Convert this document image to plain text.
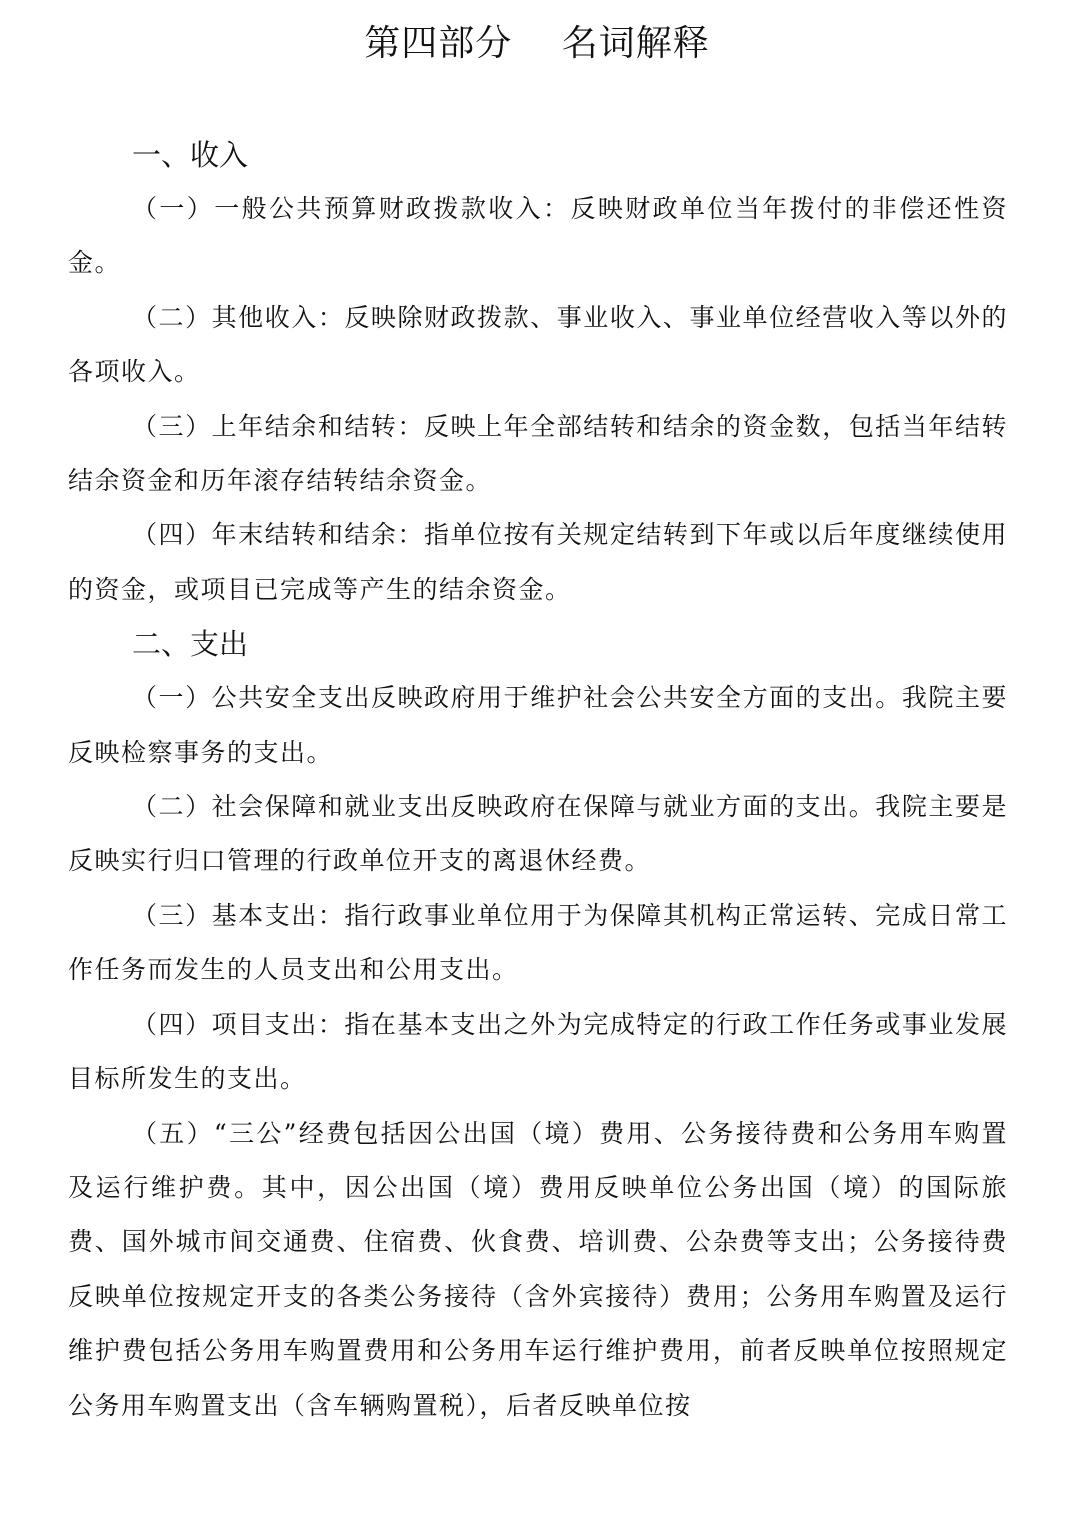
第四部分　 名词解释
一、收入

（一）一般公共预算财政拨款收入：反映财政单位当年拨付的非偿还性资金。

（二）其他收入：反映除财政拨款、事业收入、事业单位经营收入等以外的各项收入。

（三）上年结余和结转：反映上年全部结转和结余的资金数，包括当年结转结余资金和历年滚存结转结余资金。

（四）年末结转和结余：指单位按有关规定结转到下年或以后年度继续使用的资金，或项目已完成等产生的结余资金。

二、支出

（一）公共安全支出反映政府用于维护社会公共安全方面的支出。我院主要反映检察事务的支出。

（二）社会保障和就业支出反映政府在保障与就业方面的支出。我院主要是反映实行归口管理的行政单位开支的离退休经费。

（三）基本支出：指行政事业单位用于为保障其机构正常运转、完成日常工作任务而发生的人员支出和公用支出。

（四）项目支出：指在基本支出之外为完成特定的行政工作任务或事业发展目标所发生的支出。

（五）“三公”经费包括因公出国（境）费用、公务接待费和公务用车购置及运行维护费。其中，因公出国（境）费用反映单位公务出国（境）的国际旅费、国外城市间交通费、住宿费、伙食费、培训费、公杂费等支出；公务接待费反映单位按规定开支的各类公务接待（含外宾接待）费用；公务用车购置及运行维护费包括公务用车购置费用和公务用车运行维护费用，前者反映单位按照规定公务用车购置支出（含车辆购置税），后者反映单位按
